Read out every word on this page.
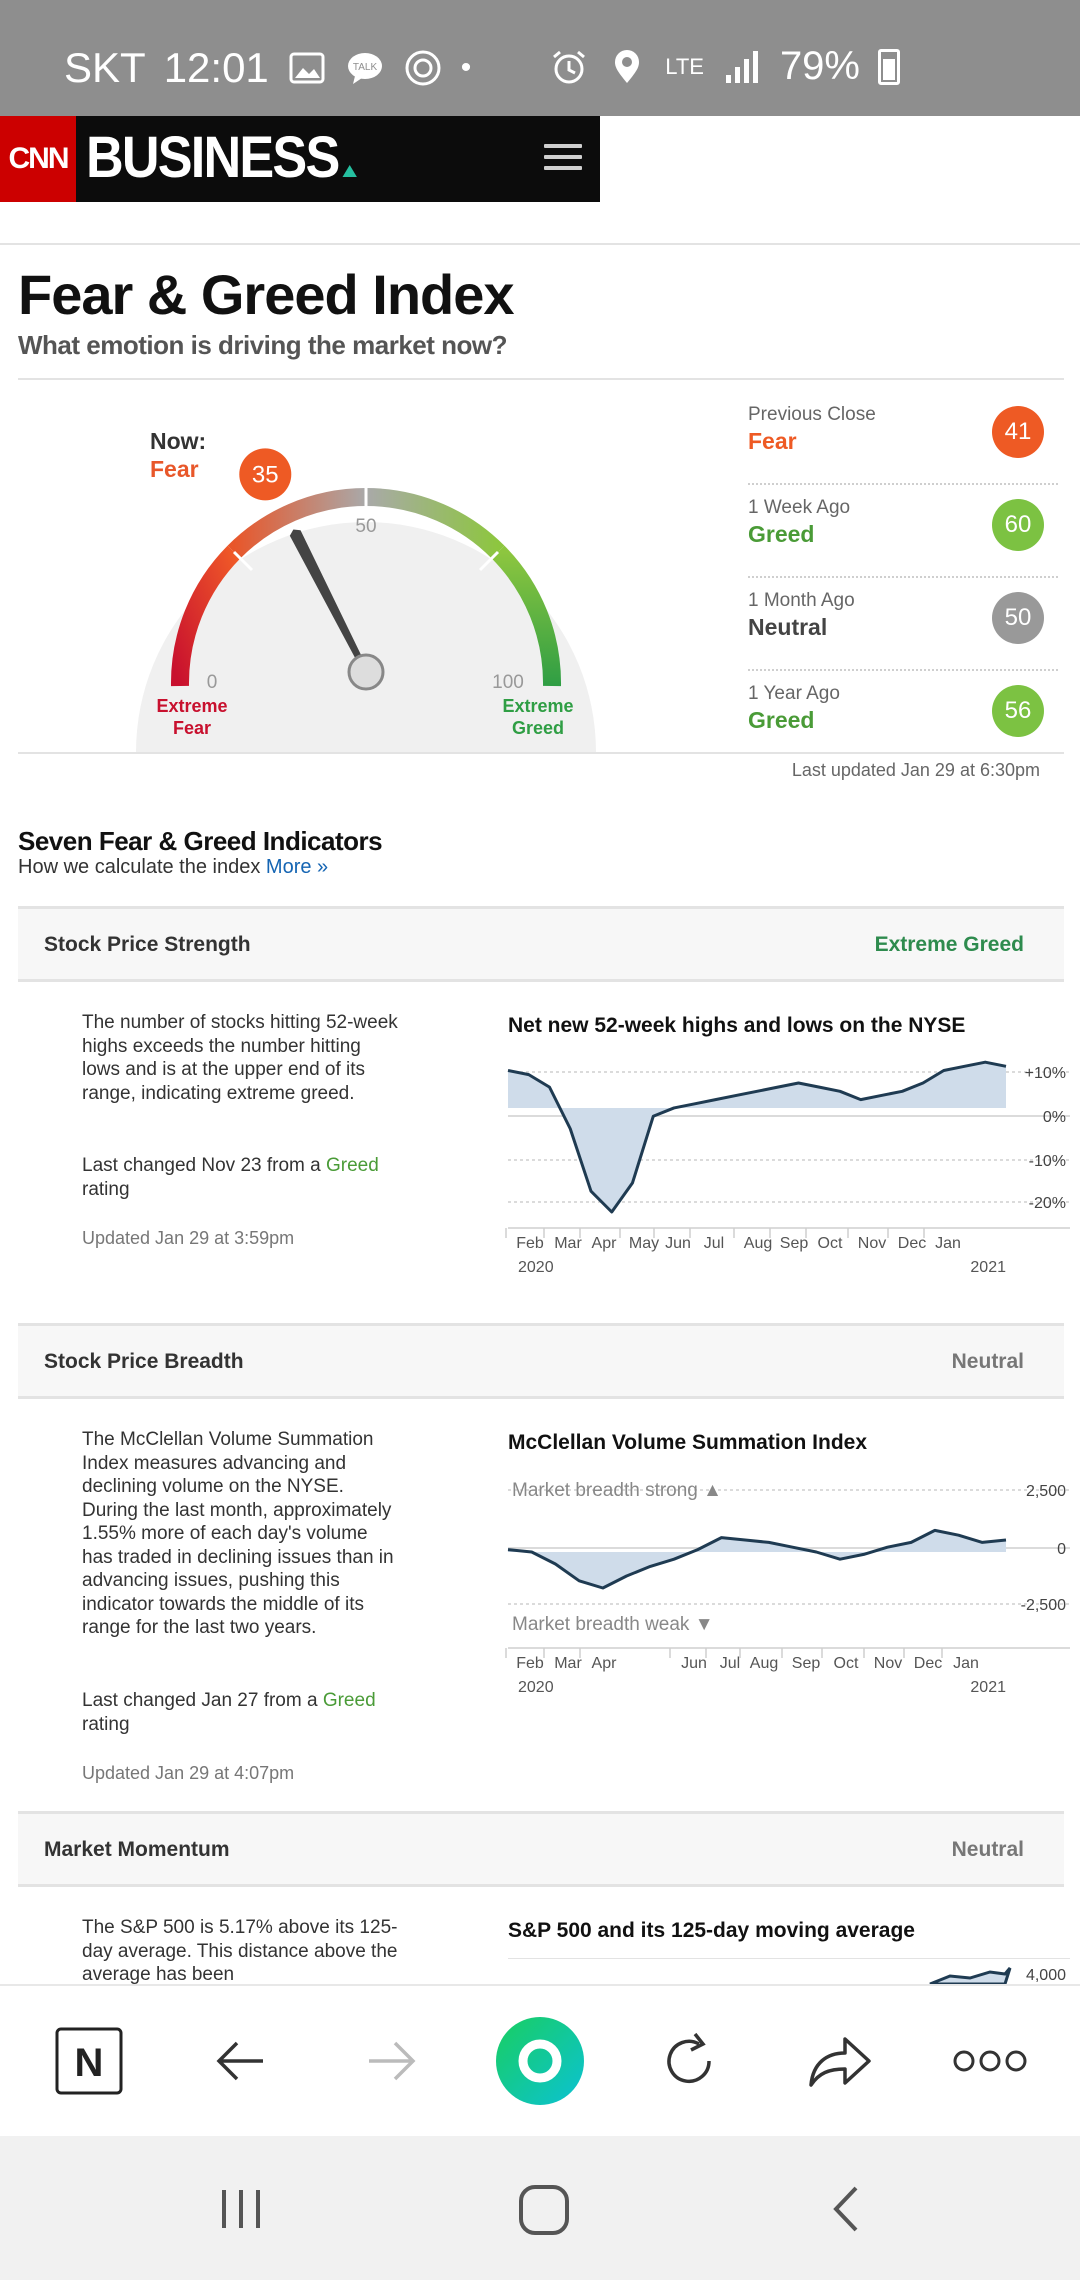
SKT 12:01	TALK	•	LTE 79%
CNN BUSINESS
Fear & Greed Index
What emotion is driving the market now?
Now:
Fear
50
0	100
Extreme
Fear
Extreme
Greed
35
Previous Close
Fear	41
1 Week Ago
Greed	60
1 Month Ago
Neutral	50
1 Year Ago
Greed	56
Last updated Jan 29 at 6:30pm
Seven Fear & Greed Indicators
How we calculate the index More »
Stock Price Strength	Extreme Greed
The number of stocks hitting 52-week highs exceeds the number hitting lows and is at the upper end of its range, indicating extreme greed.
Last changed Nov 23 from a Greed rating
Updated Jan 29 at 3:59pm
Net new 52-week highs and lows on the NYSE
+10%
0%
-10%
-20%
Feb Mar Apr May Jun Jul Aug Sep Oct Nov Dec Jan
2020	2021
Stock Price Breadth	Neutral
The McClellan Volume Summation Index measures advancing and declining volume on the NYSE. During the last month, approximately 1.55% more of each day's volume has traded in declining issues than in advancing issues, pushing this indicator towards the middle of its range for the last two years.
Last changed Jan 27 from a Greed rating
Updated Jan 29 at 4:07pm
McClellan Volume Summation Index
2,500
0
-2,500
Feb Mar Apr	Jun Jul Aug Sep Oct Nov Dec Jan
2020	2021
Market breadth strong ▲
Market breadth weak ▼
Market Momentum	Neutral
The S&P 500 is 5.17% above its 125-day average. This distance above the average has been
S&P 500 and its 125-day moving average
4,000
N
